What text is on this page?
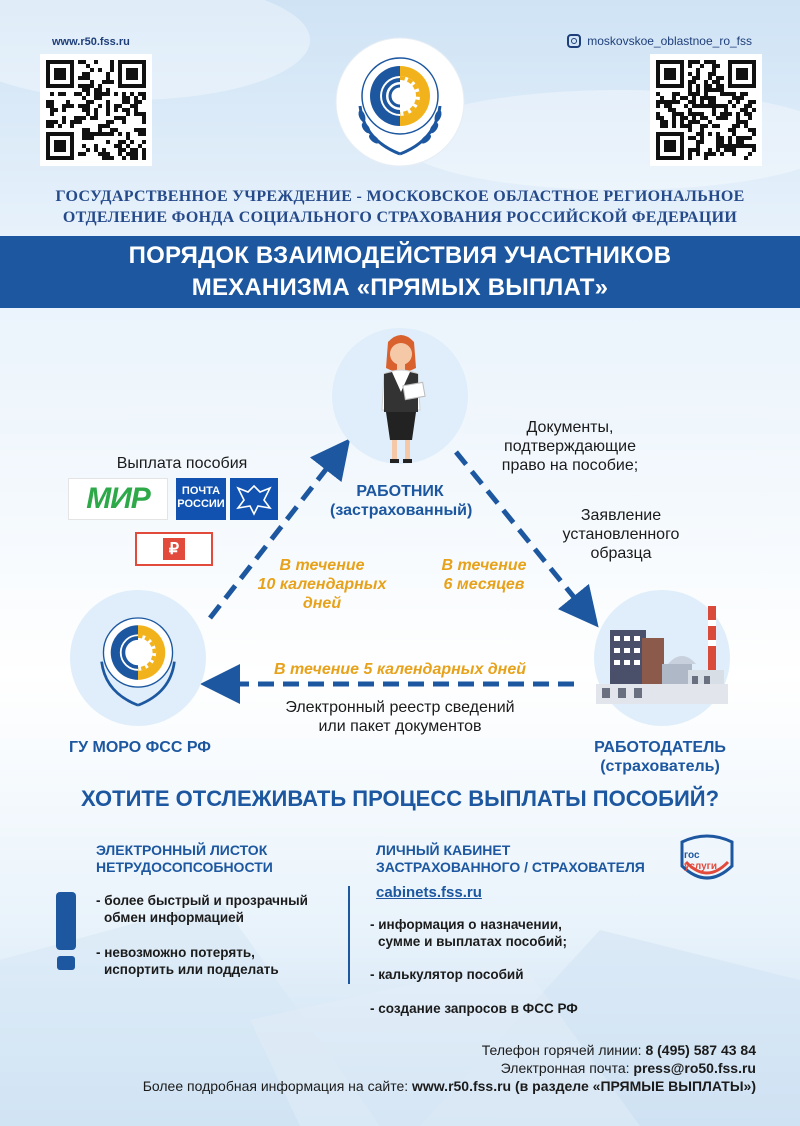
www.r50.fss.ru	moskovskoe_oblastnoe_ro_fss
ГОСУДАРСТВЕННОЕ УЧРЕЖДЕНИЕ - МОСКОВСКОЕ ОБЛАСТНОЕ РЕГИОНАЛЬНОЕ
ОТДЕЛЕНИЕ ФОНДА СОЦИАЛЬНОГО СТРАХОВАНИЯ РОССИЙСКОЙ ФЕДЕРАЦИИ
ПОРЯДОК ВЗАИМОДЕЙСТВИЯ УЧАСТНИКОВ
МЕХАНИЗМА «ПРЯМЫХ ВЫПЛАТ»
РАБОТНИК
(застрахованный)
Выплата пособия
МИР	ПОЧТА
РОССИИ
₽
Документы,
подтверждающие
право на пособие;
Заявление
установленного
образца
В течение
10 календарных
дней
В течение
6 месяцев
В течение 5 календарных дней
ГУ МОРО ФСС РФ	РАБОТОДАТЕЛЬ
(страхователь)
Электронный реестр сведений
или пакет документов
ХОТИТЕ ОТСЛЕЖИВАТЬ ПРОЦЕСС ВЫПЛАТЫ ПОСОБИЙ?
ЭЛЕКТРОННЫЙ ЛИСТОК
НЕТРУДОСОПСОБНОСТИ
- более быстрый и прозрачный
обмен информацией
- невозможно потерять,
испортить или подделать
ЛИЧНЫЙ КАБИНЕТ
ЗАСТРАХОВАННОГО / СТРАХОВАТЕЛЯ
cabinets.fss.ru
- информация о назначении,
сумме и выплатах пособий;
- калькулятор пособий
- создание запросов в ФСС РФ
гос
услуги
Телефон горячей линии: 8 (495) 587 43 84
Электронная почта: press@ro50.fss.ru
Более подробная информация на сайте: www.r50.fss.ru (в разделе «ПРЯМЫЕ ВЫПЛАТЫ»)
